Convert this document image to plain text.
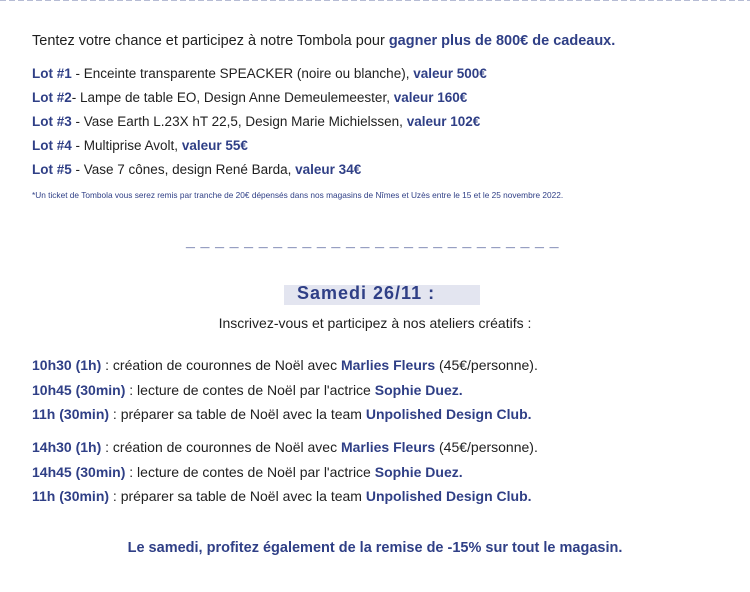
Tentez votre chance et participez à notre Tombola pour gagner plus de 800€ de cadeaux.
Lot #1 - Enceinte transparente SPEACKER (noire ou blanche), valeur 500€
Lot #2- Lampe de table EO, Design Anne Demeulemeester, valeur 160€
Lot #3 - Vase Earth L.23X hT 22,5, Design Marie Michielssen, valeur 102€
Lot #4 - Multiprise Avolt, valeur 55€
Lot #5 - Vase 7 cônes, design René Barda, valeur 34€
*Un ticket de Tombola vous serez remis par tranche de 20€ dépensés dans nos magasins de Nîmes et Uzès entre le 15 et le 25 novembre 2022.
_ _ _ _ _ _ _ _ _ _ _ _ _ _ _ _ _ _ _ _ _ _ _ _ _ _
Samedi 26/11 :
Inscrivez-vous et participez à nos ateliers créatifs :
10h30 (1h) : création de couronnes de Noël avec Marlies Fleurs (45€/personne).
10h45 (30min) : lecture de contes de Noël par l'actrice Sophie Duez.
11h (30min) : préparer sa table de Noël avec la team Unpolished Design Club.
14h30 (1h) : création de couronnes de Noël avec Marlies Fleurs (45€/personne).
14h45 (30min) : lecture de contes de Noël par l'actrice Sophie Duez.
11h (30min) : préparer sa table de Noël avec la team Unpolished Design Club.
Le samedi, profitez également de la remise de -15% sur tout le magasin.
